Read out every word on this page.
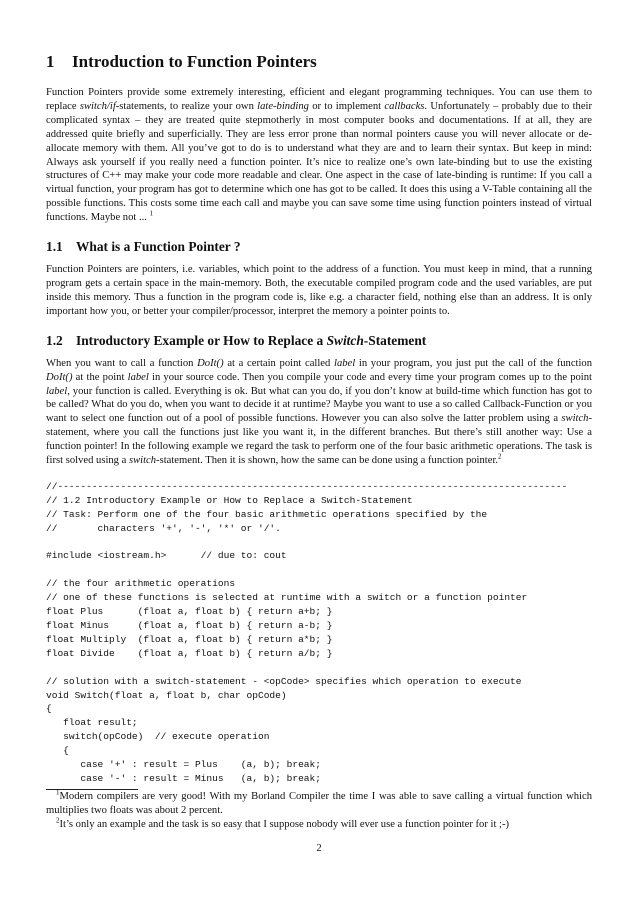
1 Introduction to Function Pointers

Function Pointers provide some extremely interesting, efficient and elegant programming techniques. You can use them to replace switch/if-statements, to realize your own late-binding or to implement callbacks. Unfortunately – probably due to their complicated syntax – they are treated quite stepmotherly in most computer books and documentations. If at all, they are addressed quite briefly and superficially. They are less error prone than normal pointers cause you will never allocate or de-allocate memory with them. All you’ve got to do is to understand what they are and to learn their syntax. But keep in mind: Always ask yourself if you really need a function pointer. It’s nice to realize one’s own late-binding but to use the existing structures of C++ may make your code more readable and clear. One aspect in the case of late-binding is runtime: If you call a virtual function, your program has got to determine which one has got to be called. It does this using a V-Table containing all the possible functions. This costs some time each call and maybe you can save some time using function pointers instead of virtual functions. Maybe not ... $^1$

1.1 What is a Function Pointer ?

Function Pointers are pointers, i.e. variables, which point to the address of a function. You must keep in mind, that a running program gets a certain space in the main-memory. Both, the executable compiled program code and the used variables, are put inside this memory. Thus a function in the program code is, like e.g. a character field, nothing else than an address. It is only important how you, or better your compiler/processor, interpret the memory a pointer points to.

1.2 Introductory Example or How to Replace a Switch-Statement

When you want to call a function DoIt() at a certain point called label in your program, you just put the call of the function DoIt() at the point label in your source code. Then you compile your code and every time your program comes up to the point label, your function is called. Everything is ok. But what can you do, if you don’t know at build-time which function has got to be called? What do you do, when you want to decide it at runtime? Maybe you want to use a so called Callback-Function or you want to select one function out of a pool of possible functions. However you can also solve the latter problem using a switch-statement, where you call the functions just like you want it, in the different branches. But there’s still another way: Use a function pointer! In the following example we regard the task to perform one of the four basic arithmetic operations. The task is first solved using a switch-statement. Then it is shown, how the same can be done using a function pointer.$^2$

//-----------------------------------------------------------------------------------------
// 1.2 Introductory Example or How to Replace a Switch-Statement
// Task: Perform one of the four basic arithmetic operations specified by the
//       characters '+', '-', '*' or '/'.

#include <iostream.h>      // due to: cout

// the four arithmetic operations
// one of these functions is selected at runtime with a switch or a function pointer
float Plus      (float a, float b) { return a+b; }
float Minus     (float a, float b) { return a-b; }
float Multiply  (float a, float b) { return a*b; }
float Divide    (float a, float b) { return a/b; }

// solution with a switch-statement - <opCode> specifies which operation to execute
void Switch(float a, float b, char opCode)
{
float result;
switch(opCode)  // execute operation
{
case '+' : result = Plus    (a, b); break;
case '-' : result = Minus   (a, b); break;

$^1$Modern compilers are very good! With my Borland Compiler the time I was able to save calling a virtual function which multiplies two floats was about 2 percent.

$^2$It’s only an example and the task is so easy that I suppose nobody will ever use a function pointer for it ;-)

2
